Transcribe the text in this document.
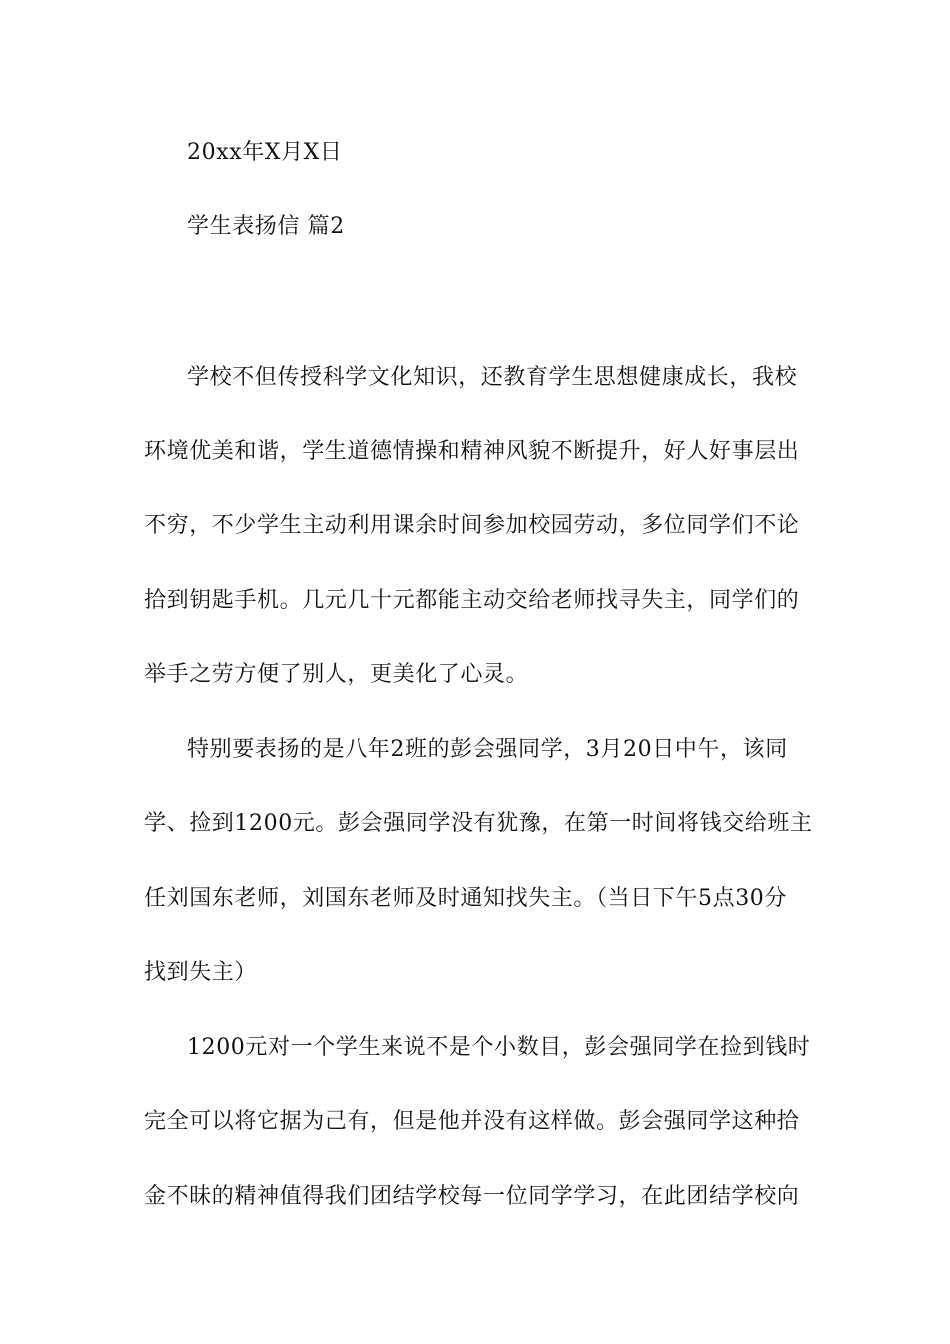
20xx年X月X日

学生表扬信 篇2

学校不但传授科学文化知识，还教育学生思想健康成长，我校

环境优美和谐，学生道德情操和精神风貌不断提升，好人好事层出

不穷，不少学生主动利用课余时间参加校园劳动，多位同学们不论

拾到钥匙手机。几元几十元都能主动交给老师找寻失主，同学们的

举手之劳方便了别人，更美化了心灵。

特别要表扬的是八年2班的彭会强同学，3月20日中午，该同

学、捡到1200元。彭会强同学没有犹豫，在第一时间将钱交给班主

任刘国东老师，刘国东老师及时通知找失主。（当日下午5点30分

找到失主）

1200元对一个学生来说不是个小数目，彭会强同学在捡到钱时

完全可以将它据为己有，但是他并没有这样做。彭会强同学这种拾

金不昧的精神值得我们团结学校每一位同学学习，在此团结学校向
